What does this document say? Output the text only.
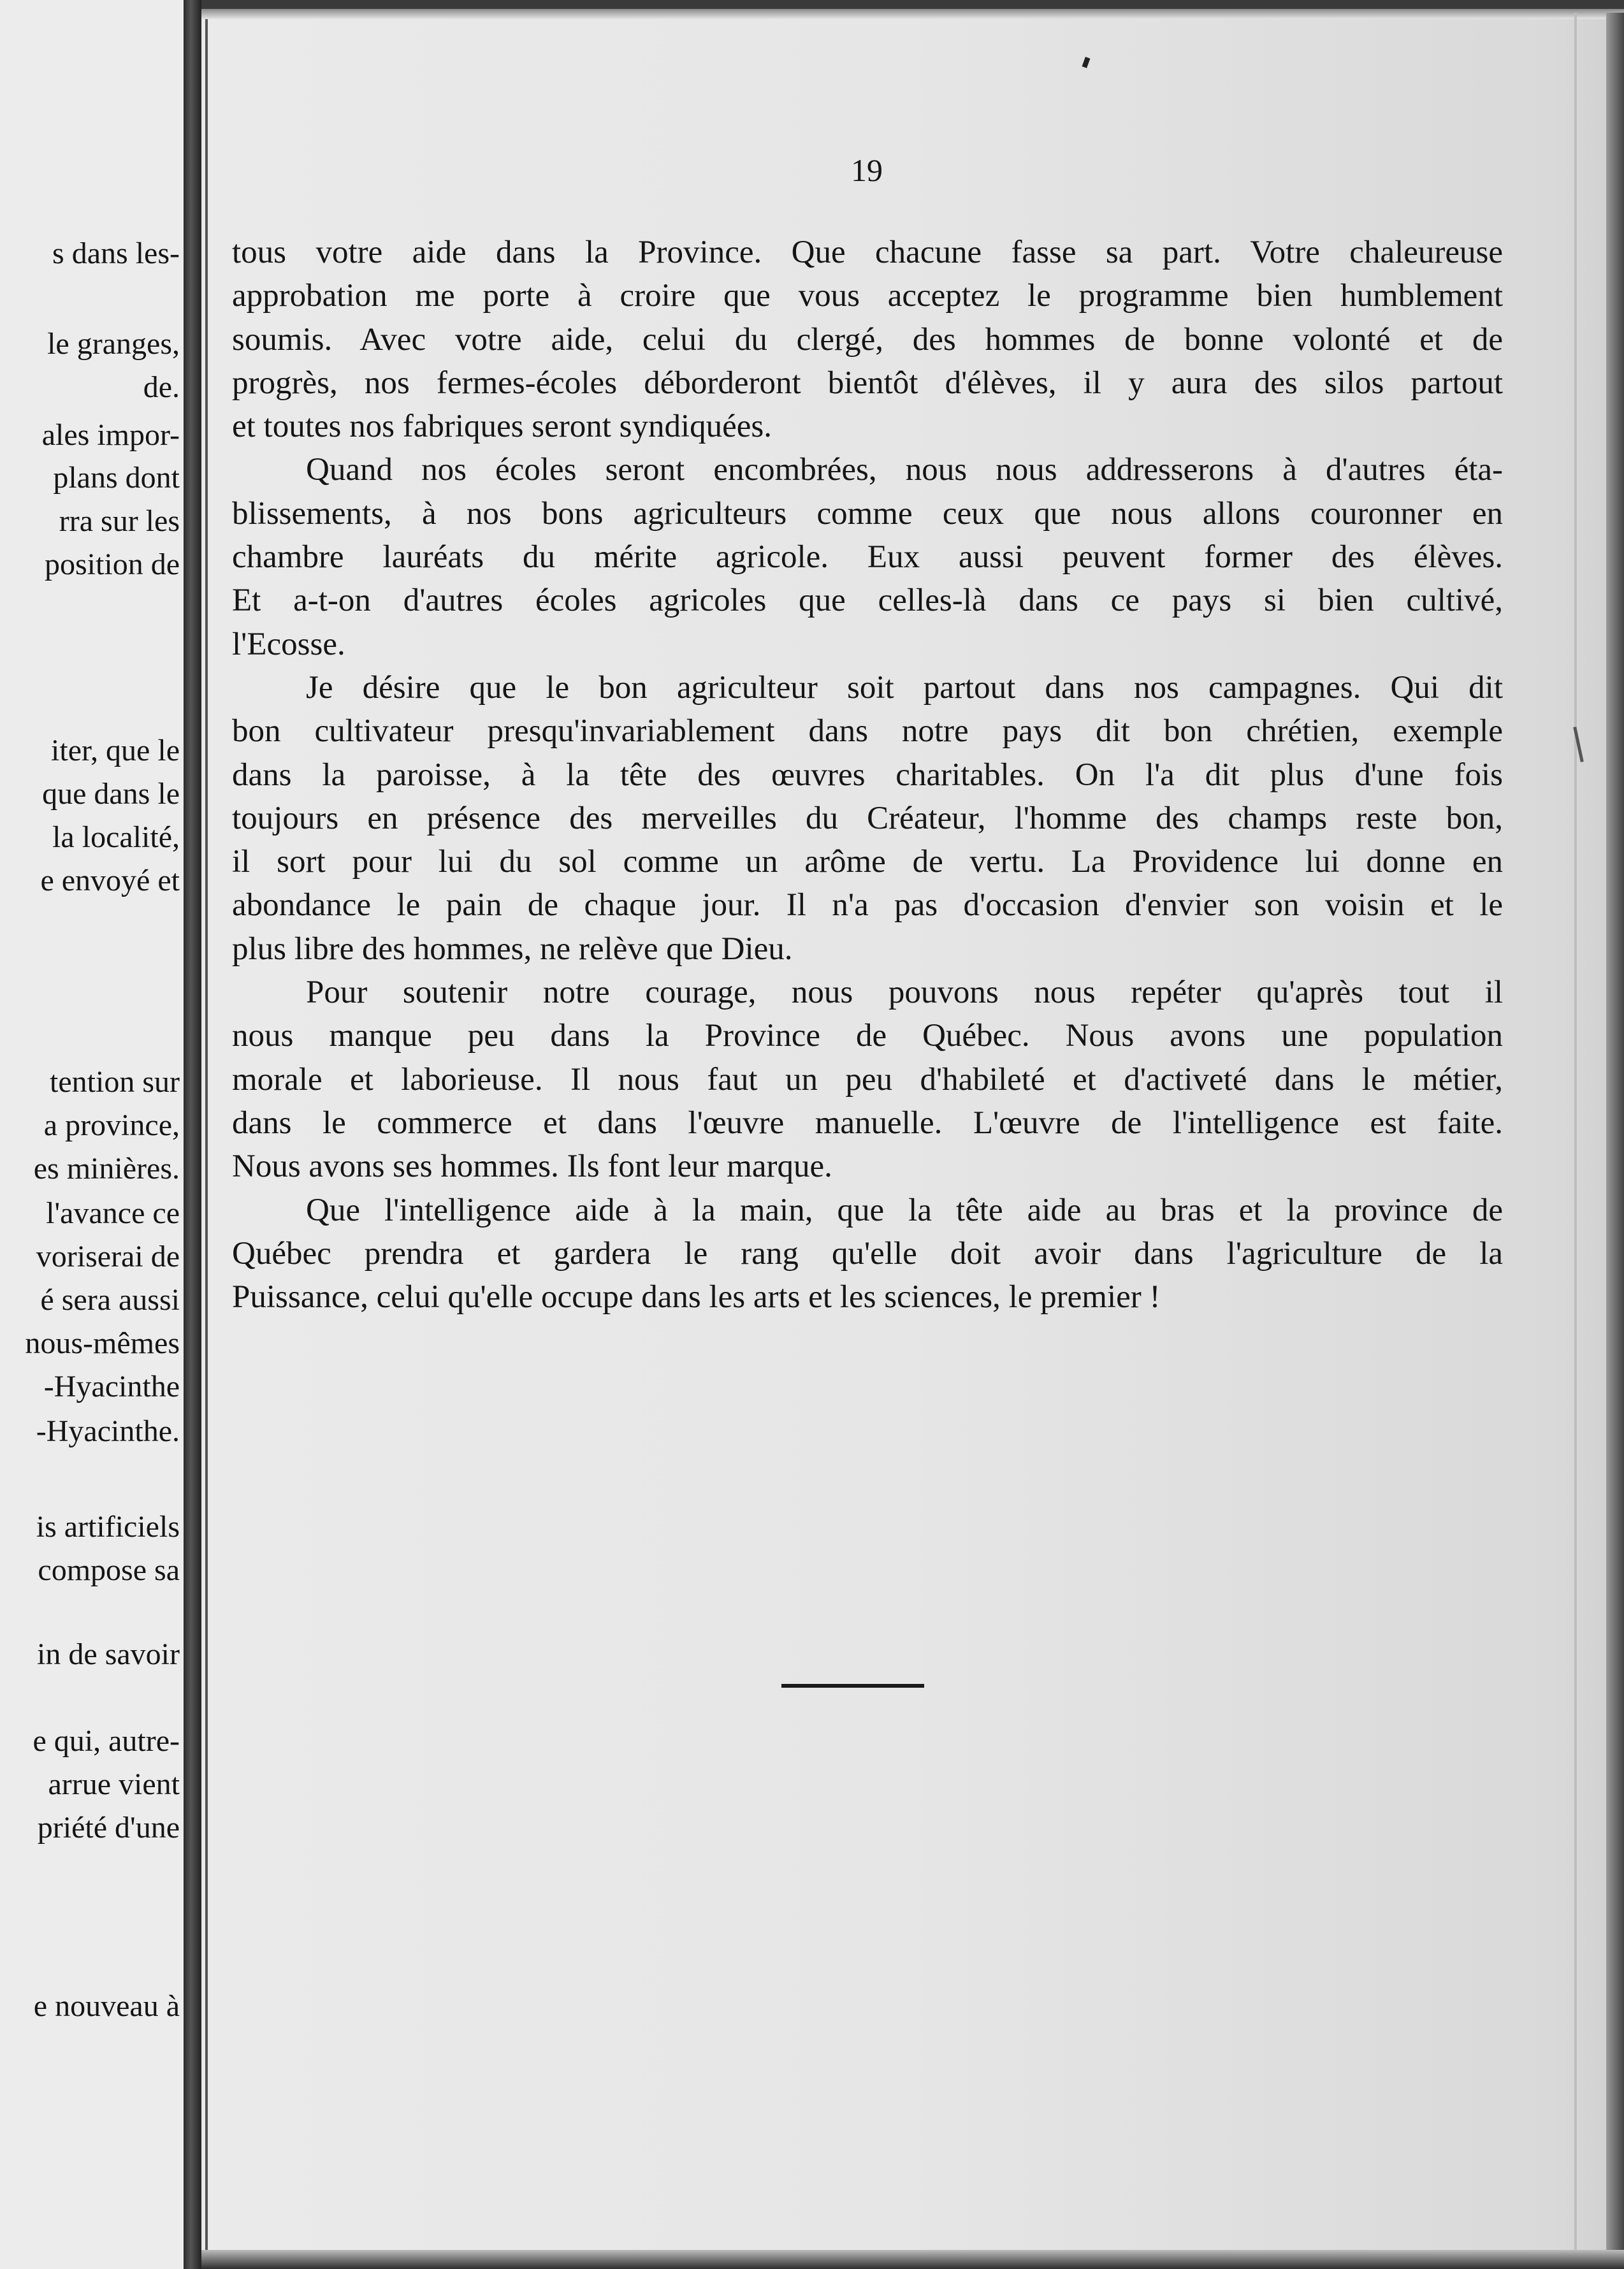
s dans les-
le granges,
de.
ales impor-
plans dont
rra sur les
position de
iter, que le
que dans le
la localité,
e envoyé et
tention sur
a province,
es minières.
l'avance ce
voriserai de
é sera aussi
nous-mêmes
-Hyacinthe
-Hyacinthe.
is artificiels
compose sa
in de savoir
e qui, autre-
arrue vient
priété d'une
e nouveau à
19
tous votre aide dans la Province. Que chacune fasse sa part. Votre chaleureuse
approbation me porte à croire que vous acceptez le programme bien humblement
soumis. Avec votre aide, celui du clergé, des hommes de bonne volonté et de
progrès, nos fermes-écoles déborderont bientôt d'élèves, il y aura des silos partout
et toutes nos fabriques seront syndiquées.
Quand nos écoles seront encombrées, nous nous addresserons à d'autres éta-
blissements, à nos bons agriculteurs comme ceux que nous allons couronner en
chambre lauréats du mérite agricole. Eux aussi peuvent former des élèves.
Et a-t-on d'autres écoles agricoles que celles-là dans ce pays si bien cultivé,
l'Ecosse.
Je désire que le bon agriculteur soit partout dans nos campagnes. Qui dit
bon cultivateur presqu'invariablement dans notre pays dit bon chrétien, exemple
dans la paroisse, à la tête des œuvres charitables. On l'a dit plus d'une fois
toujours en présence des merveilles du Créateur, l'homme des champs reste bon,
il sort pour lui du sol comme un arôme de vertu. La Providence lui donne en
abondance le pain de chaque jour. Il n'a pas d'occasion d'envier son voisin et le
plus libre des hommes, ne relève que Dieu.
Pour soutenir notre courage, nous pouvons nous repéter qu'après tout il
nous manque peu dans la Province de Québec. Nous avons une population
morale et laborieuse. Il nous faut un peu d'habileté et d'activeté dans le métier,
dans le commerce et dans l'œuvre manuelle. L'œuvre de l'intelligence est faite.
Nous avons ses hommes. Ils font leur marque.
Que l'intelligence aide à la main, que la tête aide au bras et la province de
Québec prendra et gardera le rang qu'elle doit avoir dans l'agriculture de la
Puissance, celui qu'elle occupe dans les arts et les sciences, le premier !
